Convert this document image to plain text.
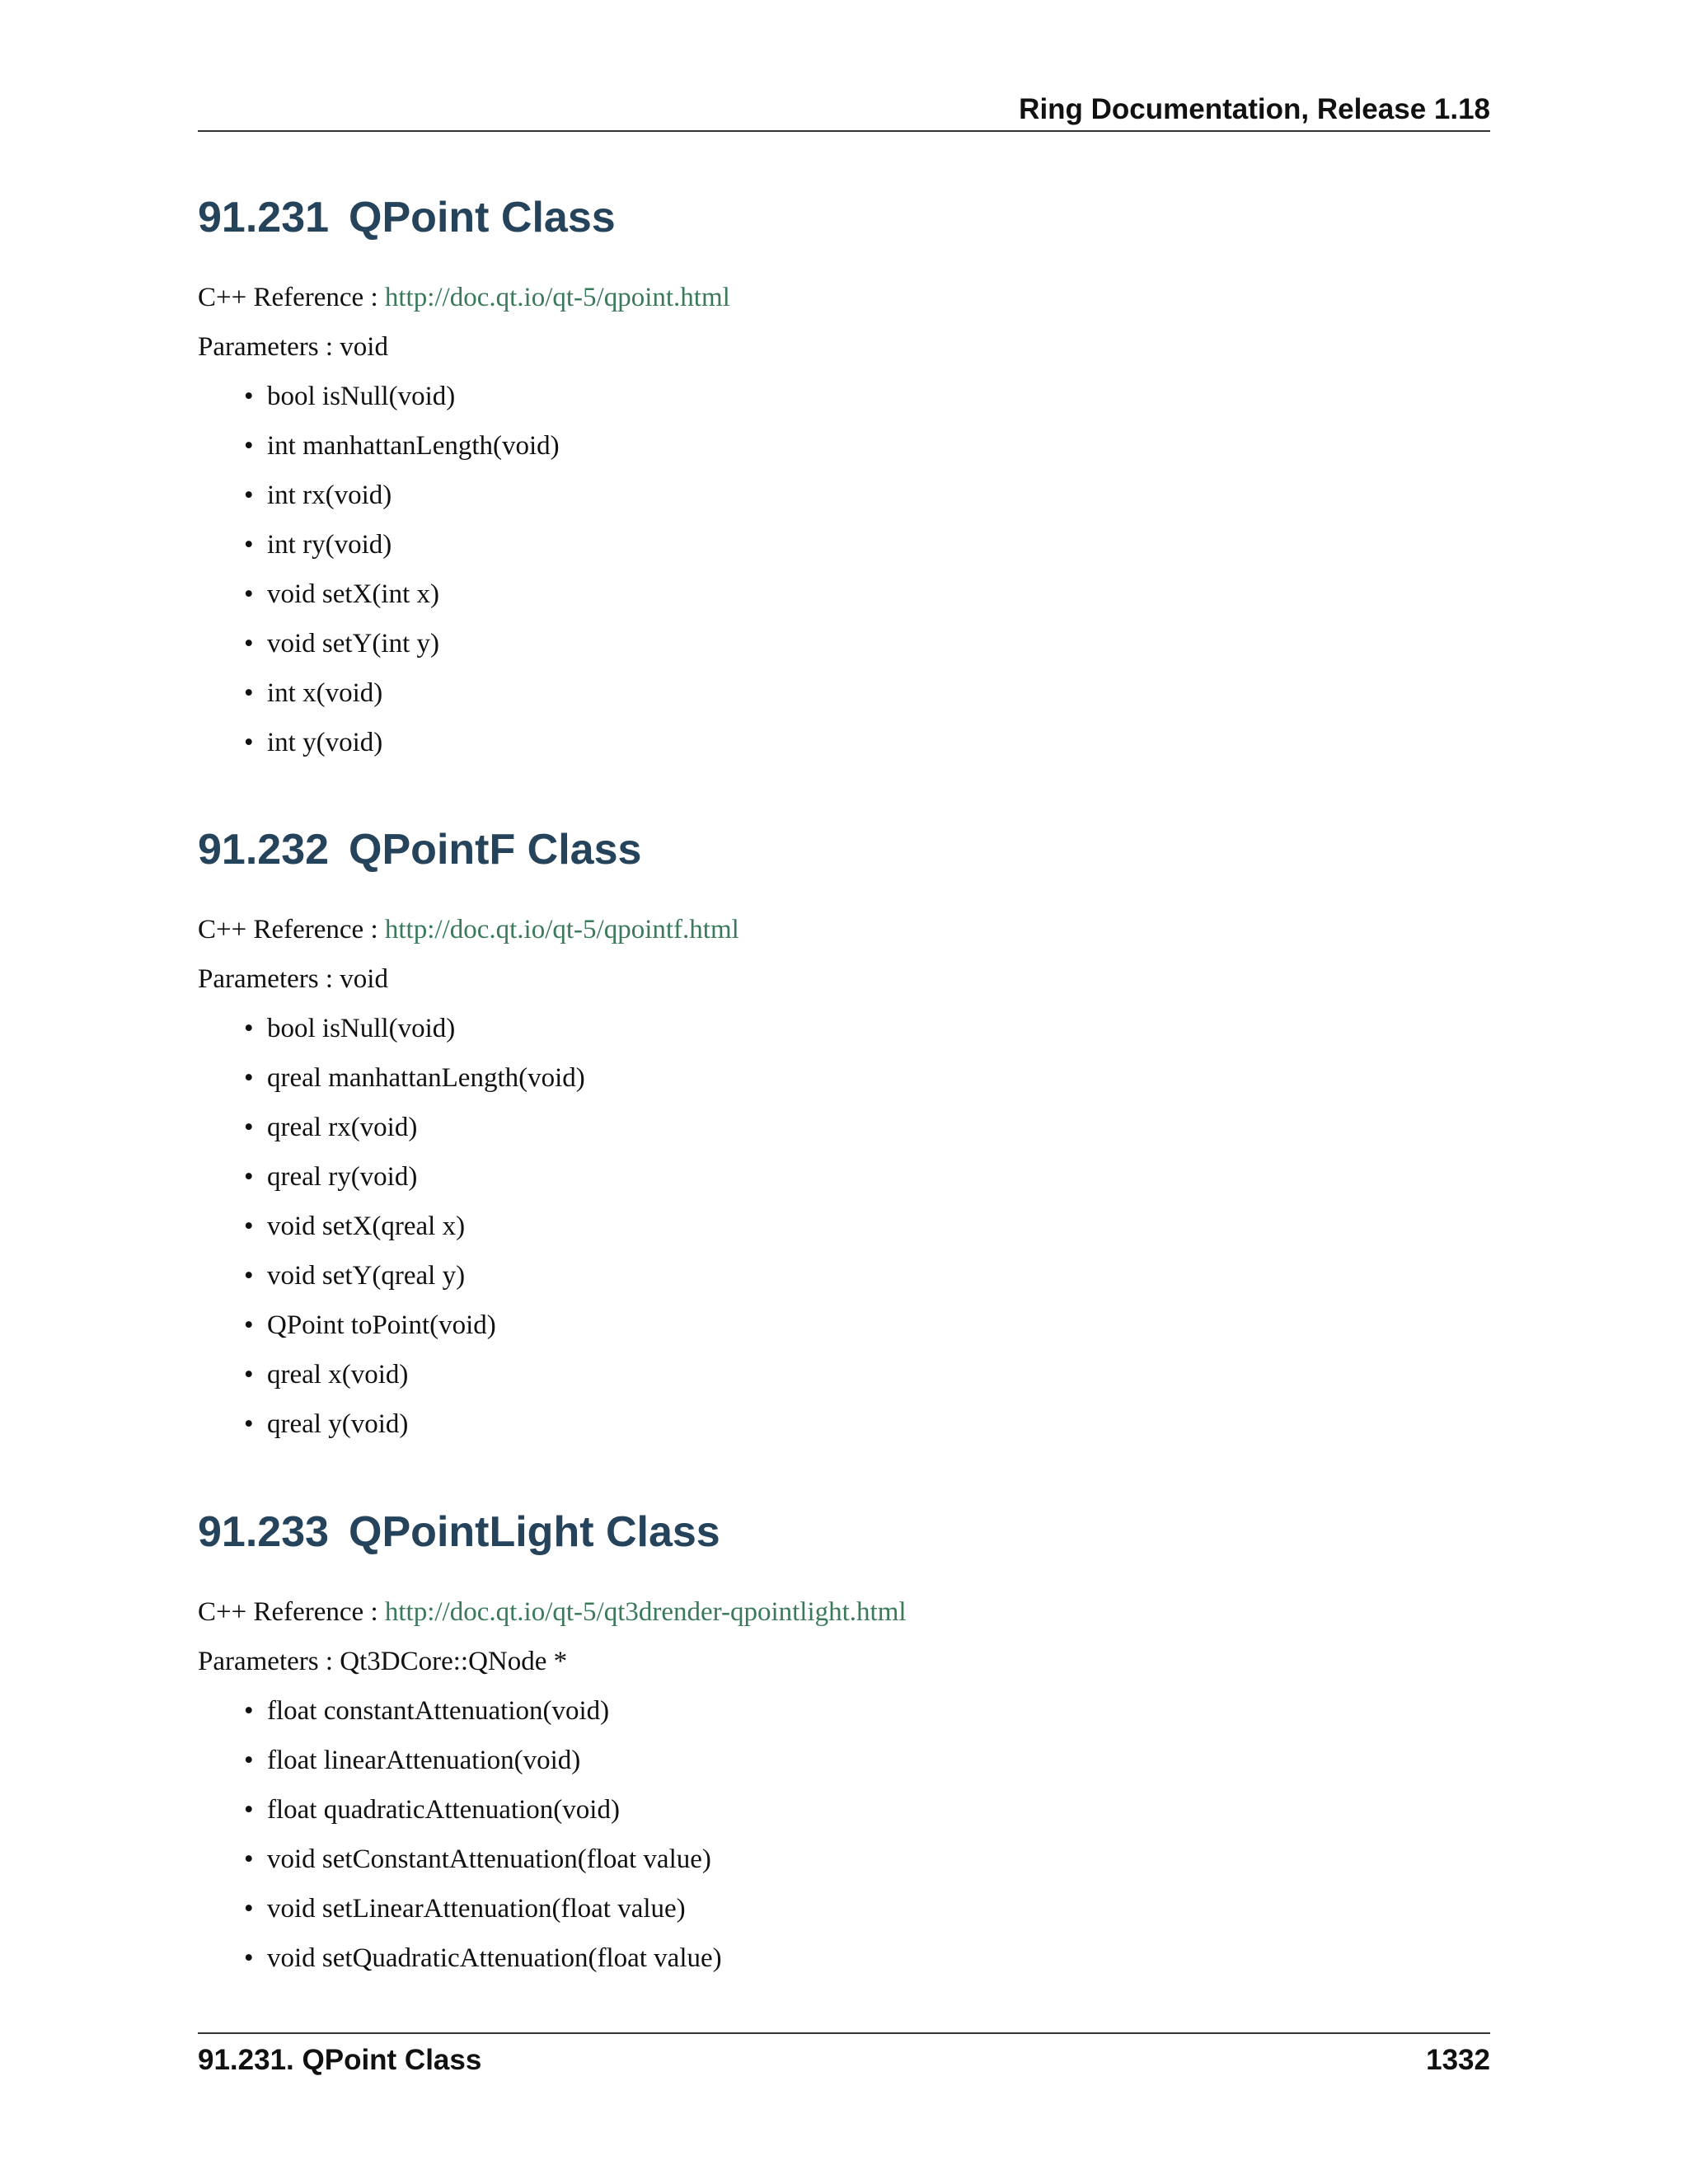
Ring Documentation, Release 1.18
91.231 QPoint Class
C++ Reference : http://doc.qt.io/qt-5/qpoint.html
Parameters : void
• bool isNull(void)
• int manhattanLength(void)
• int rx(void)
• int ry(void)
• void setX(int x)
• void setY(int y)
• int x(void)
• int y(void)
91.232 QPointF Class
C++ Reference : http://doc.qt.io/qt-5/qpointf.html
Parameters : void
• bool isNull(void)
• qreal manhattanLength(void)
• qreal rx(void)
• qreal ry(void)
• void setX(qreal x)
• void setY(qreal y)
• QPoint toPoint(void)
• qreal x(void)
• qreal y(void)
91.233 QPointLight Class
C++ Reference : http://doc.qt.io/qt-5/qt3drender-qpointlight.html
Parameters : Qt3DCore::QNode *
• float constantAttenuation(void)
• float linearAttenuation(void)
• float quadraticAttenuation(void)
• void setConstantAttenuation(float value)
• void setLinearAttenuation(float value)
• void setQuadraticAttenuation(float value)
91.231. QPoint Class	1332
